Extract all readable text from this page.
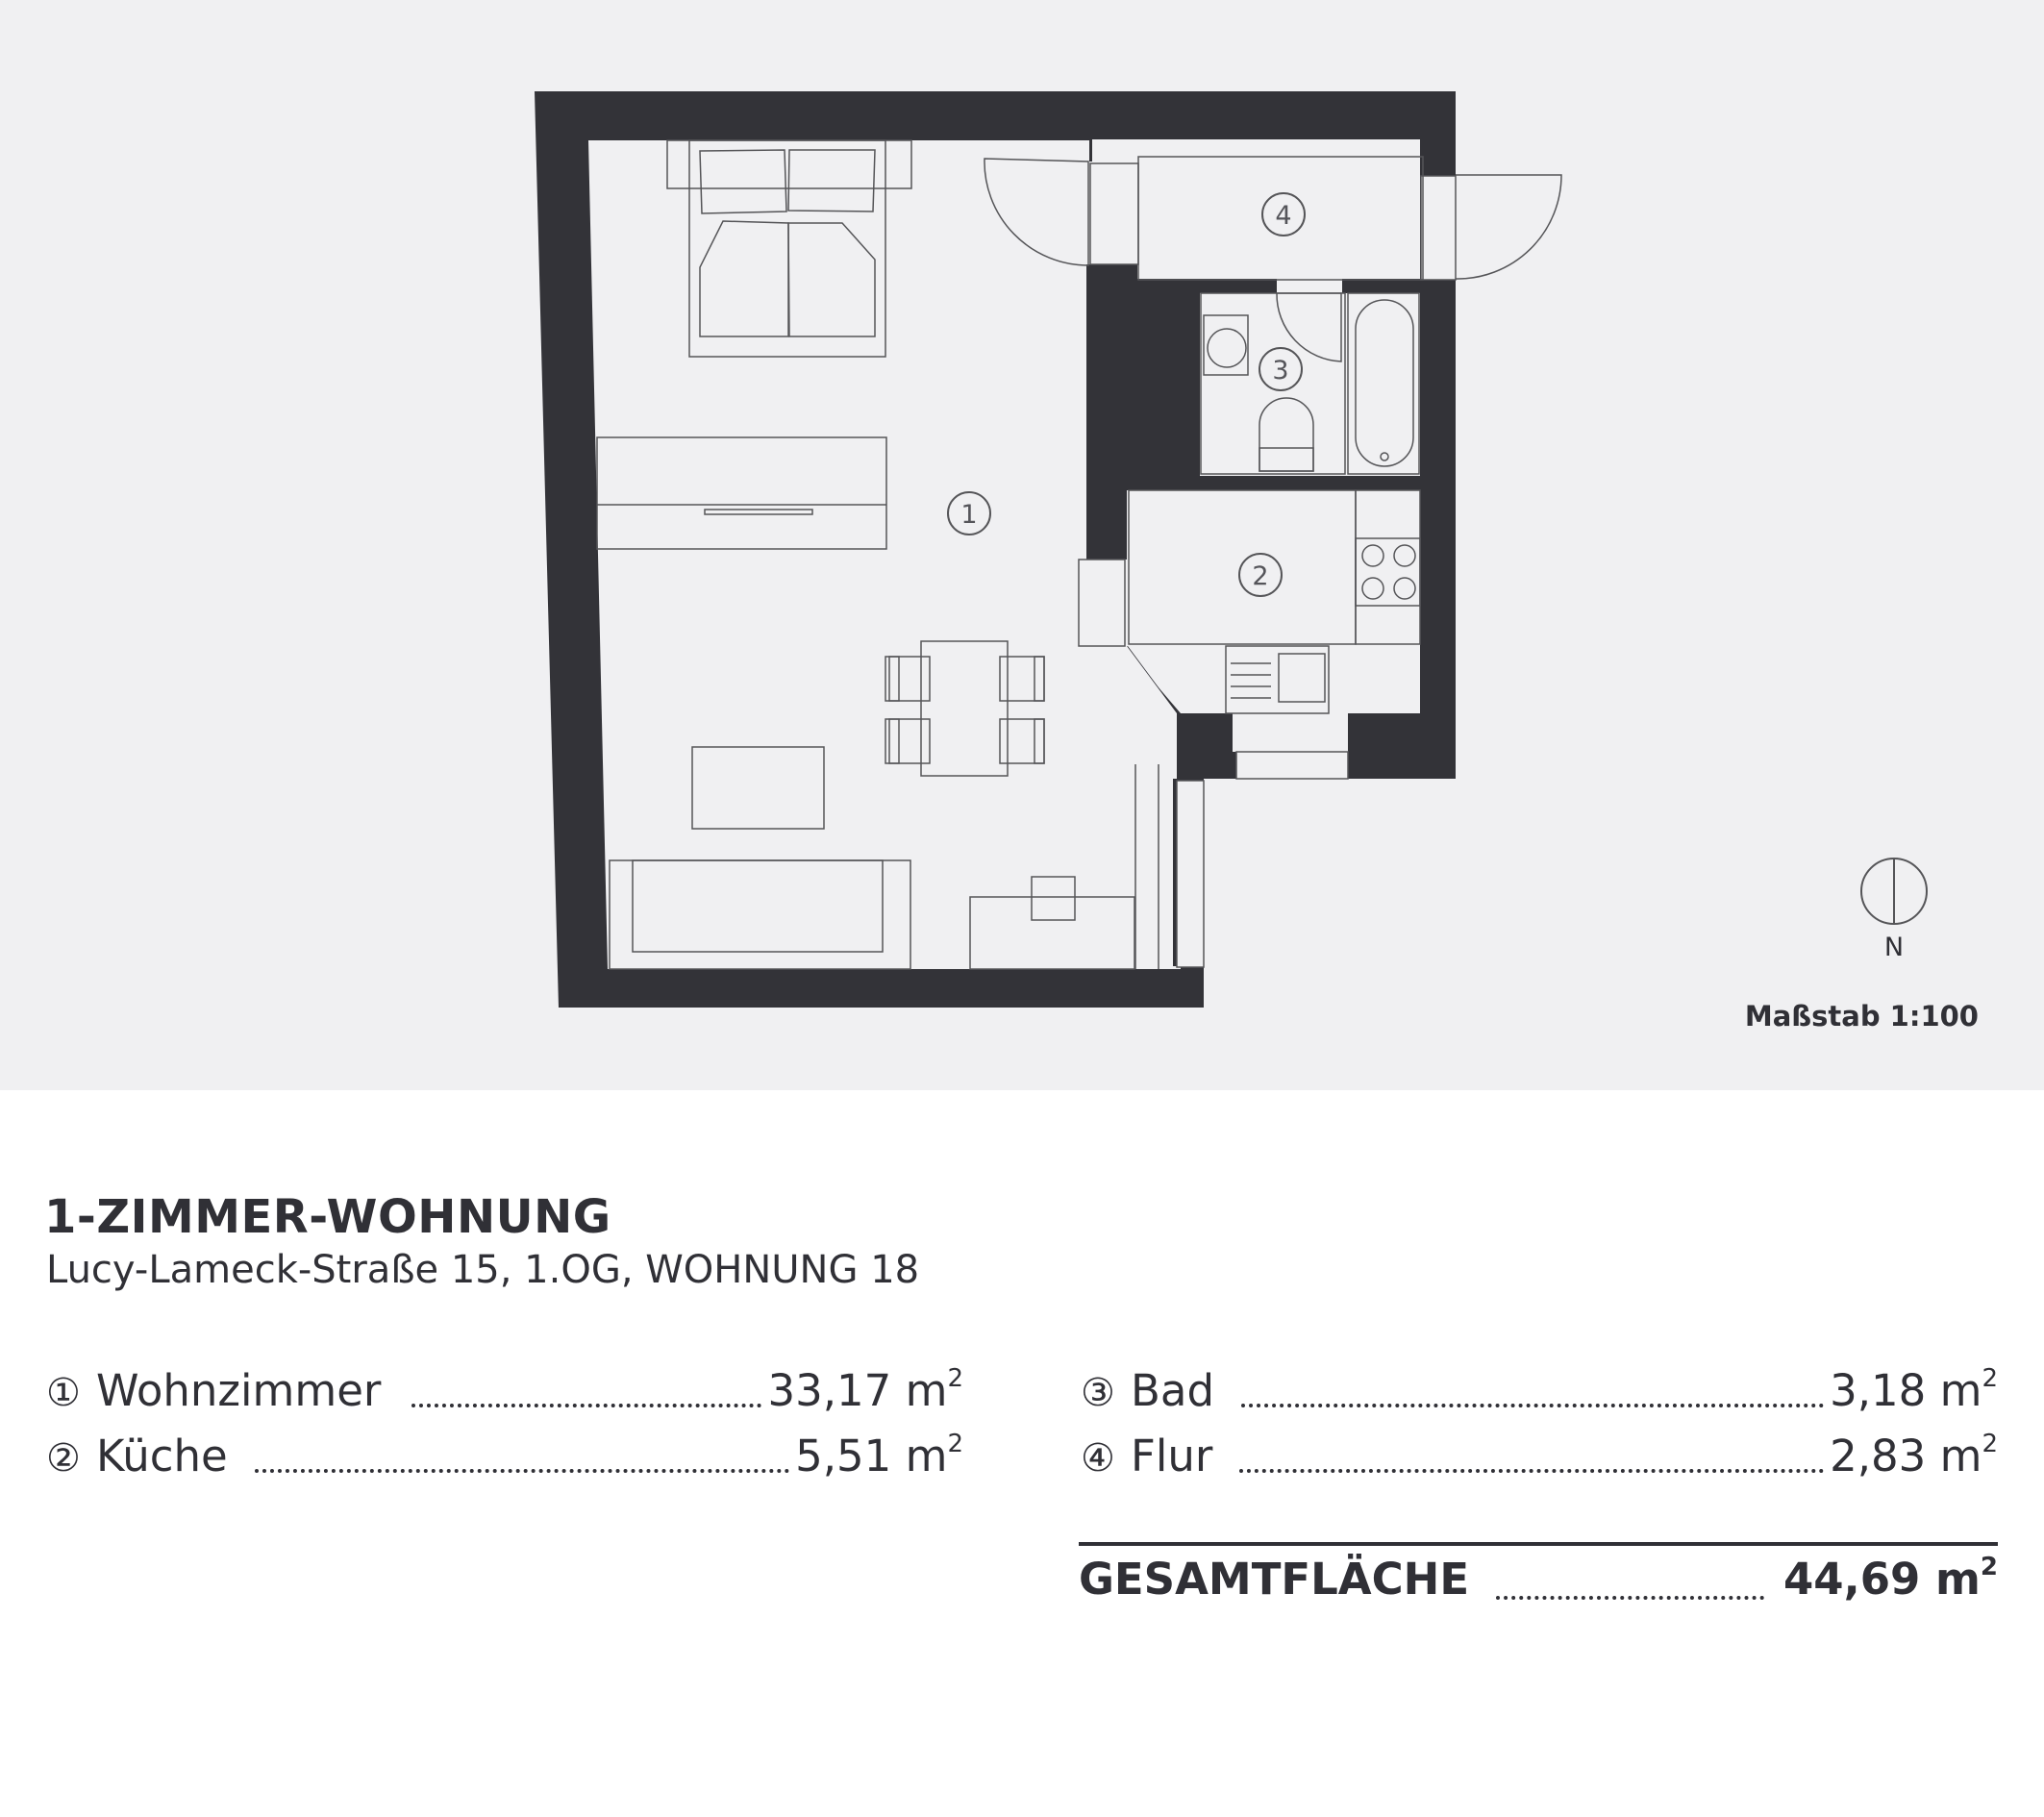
1
2
3
4
N
Maßstab 1:100
1-ZIMMER-WOHNUNG
Lucy-Lameck-Straße 15, 1.OG, WOHNUNG 18
① Wohnzimmer	33,17 $m^2$
② Küche	5,51 $m^2$
③ Bad	3,18 $m^2$
④ Flur	2,83 $m^2$
GESAMTFLÄCHE	44,69 $m^2$
